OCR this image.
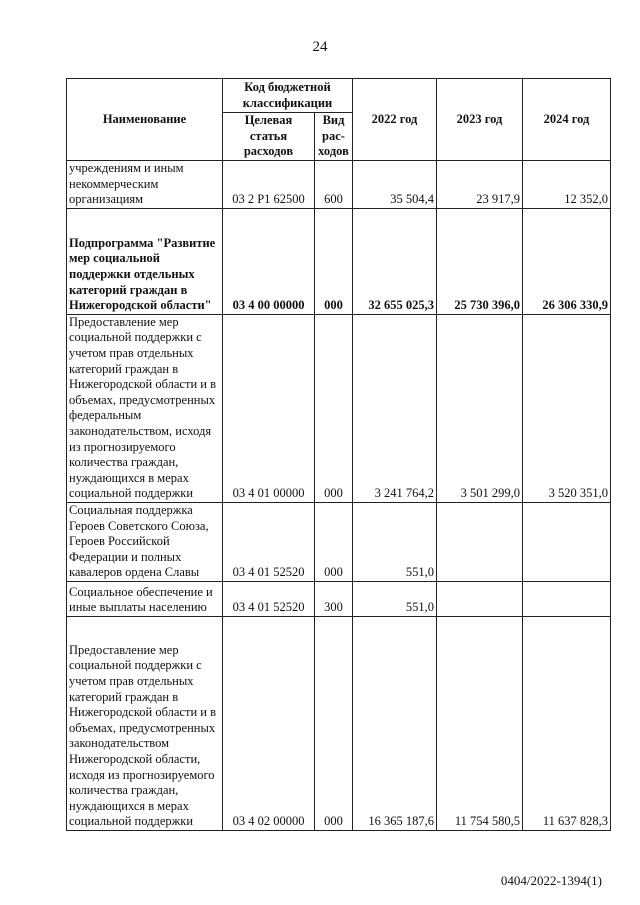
24
Наименование	Код бюджетной классификации		2022 год	2023 год	2024 год
	Целевая статья расходов	Вид рас-ходов			
учреждениям и иным некоммерческим организациям	03 2 P1 62500	600	35 504,4	23 917,9	12 352,0
Подпрограмма "Развитие мер социальной поддержки отдельных категорий граждан в Нижегородской области"	03 4 00 00000	000	32 655 025,3	25 730 396,0	26 306 330,9
Предоставление мер социальной поддержки с учетом прав отдельных категорий граждан в Нижегородской области и в объемах, предусмотренных федеральным законодательством, исходя из прогнозируемого количества граждан, нуждающихся в мерах социальной поддержки	03 4 01 00000	000	3 241 764,2	3 501 299,0	3 520 351,0
Социальная поддержка Героев Советского Союза, Героев Российской Федерации и полных кавалеров ордена Славы	03 4 01 52520	000	551,0		
Социальное обеспечение и иные выплаты населению	03 4 01 52520	300	551,0		
Предоставление мер социальной поддержки с учетом прав отдельных категорий граждан в Нижегородской области и в объемах, предусмотренных законодательством Нижегородской области, исходя из прогнозируемого количества граждан, нуждающихся в мерах социальной поддержки	03 4 02 00000	000	16 365 187,6	11 754 580,5	11 637 828,3
0404/2022-1394(1)
